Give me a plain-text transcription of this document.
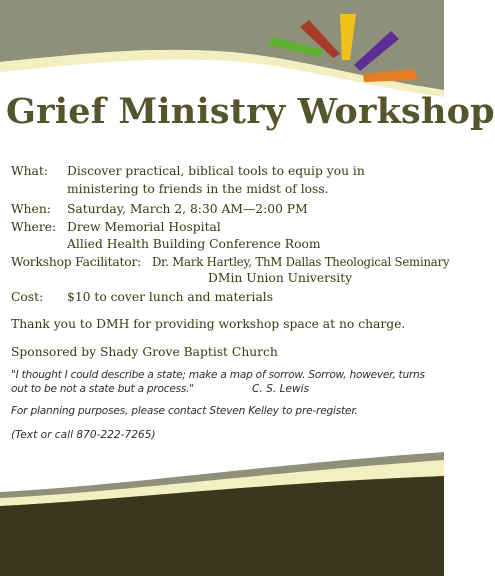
Grief Ministry Workshop
What: Discover practical, biblical tools to equip you in
ministering to friends in the midst of loss.
When: Saturday, March 2, 8:30 AM—2:00 PM
Where: Drew Memorial Hospital
Allied Health Building Conference Room
Workshop Facilitator: Dr. Mark Hartley, ThM Dallas Theological Seminary
DMin Union University
Cost: $10 to cover lunch and materials
Thank you to DMH for providing workshop space at no charge.
Sponsored by Shady Grove Baptist Church
"I thought I could describe a state; make a map of sorrow. Sorrow, however, turns
out to be not a state but a process."	C. S. Lewis
For planning purposes, please contact Steven Kelley to pre-register.
(Text or call 870-222-7265)
